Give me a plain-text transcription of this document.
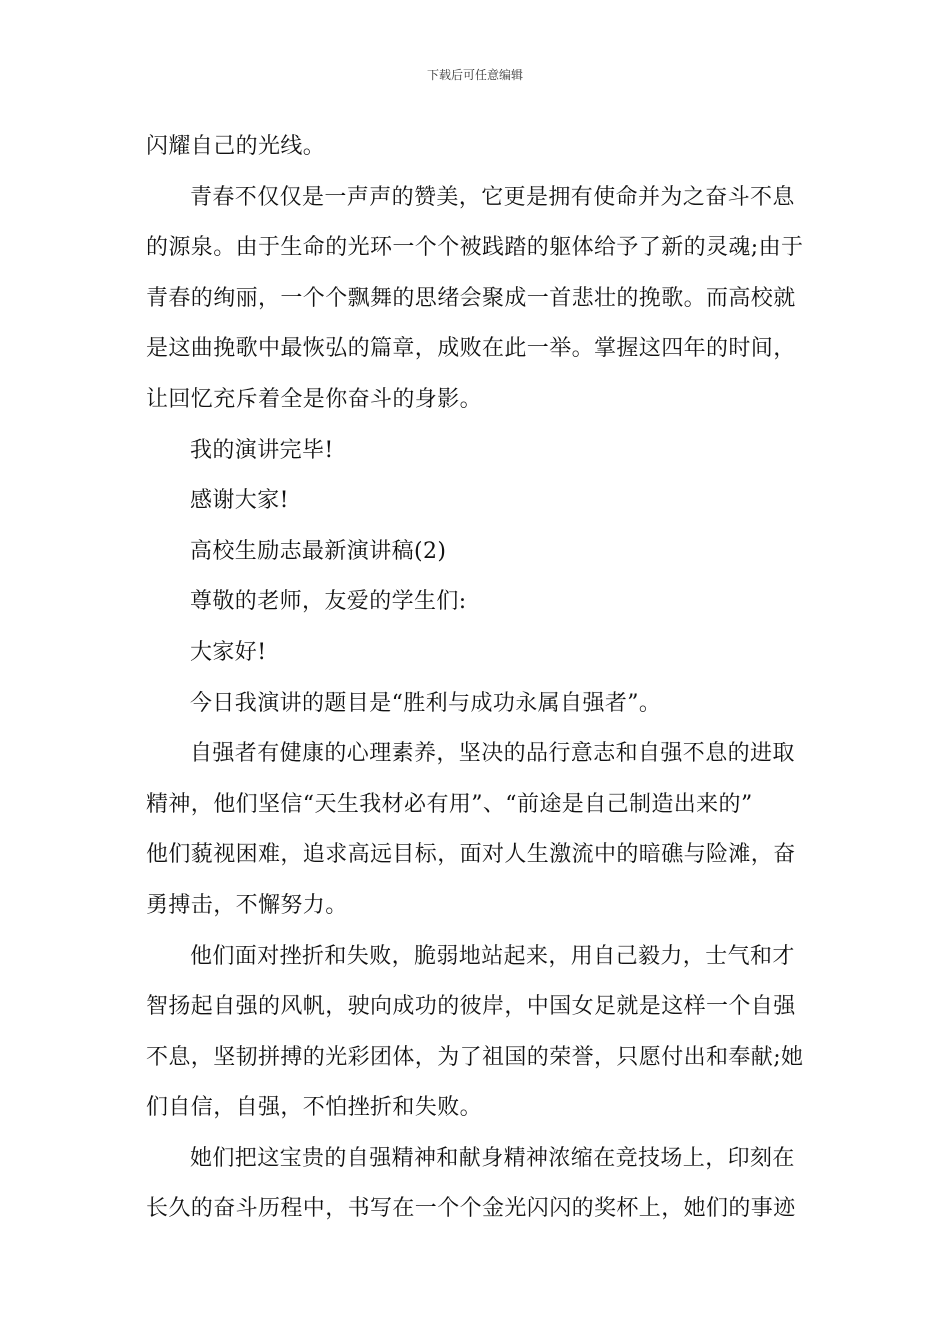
下载后可任意编辑
闪耀自己的光线。
青春不仅仅是一声声的赞美，它更是拥有使命并为之奋斗不息
的源泉。由于生命的光环一个个被践踏的躯体给予了新的灵魂;由于
青春的绚丽，一个个飘舞的思绪会聚成一首悲壮的挽歌。而高校就
是这曲挽歌中最恢弘的篇章，成败在此一举。掌握这四年的时间，
让回忆充斥着全是你奋斗的身影。
我的演讲完毕!
感谢大家!
高校生励志最新演讲稿(2)
尊敬的老师，友爱的学生们:
大家好!
今日我演讲的题目是“胜利与成功永属自强者”。
自强者有健康的心理素养，坚决的品行意志和自强不息的进取
精神，他们坚信“天生我材必有用”、“前途是自己制造出来的”
他们藐视困难，追求高远目标，面对人生激流中的暗礁与险滩，奋
勇搏击，不懈努力。
他们面对挫折和失败，脆弱地站起来，用自己毅力，士气和才
智扬起自强的风帆，驶向成功的彼岸，中国女足就是这样一个自强
不息，坚韧拼搏的光彩团体，为了祖国的荣誉，只愿付出和奉献;她
们自信，自强，不怕挫折和失败。
她们把这宝贵的自强精神和献身精神浓缩在竞技场上，印刻在
长久的奋斗历程中，书写在一个个金光闪闪的奖杯上，她们的事迹
